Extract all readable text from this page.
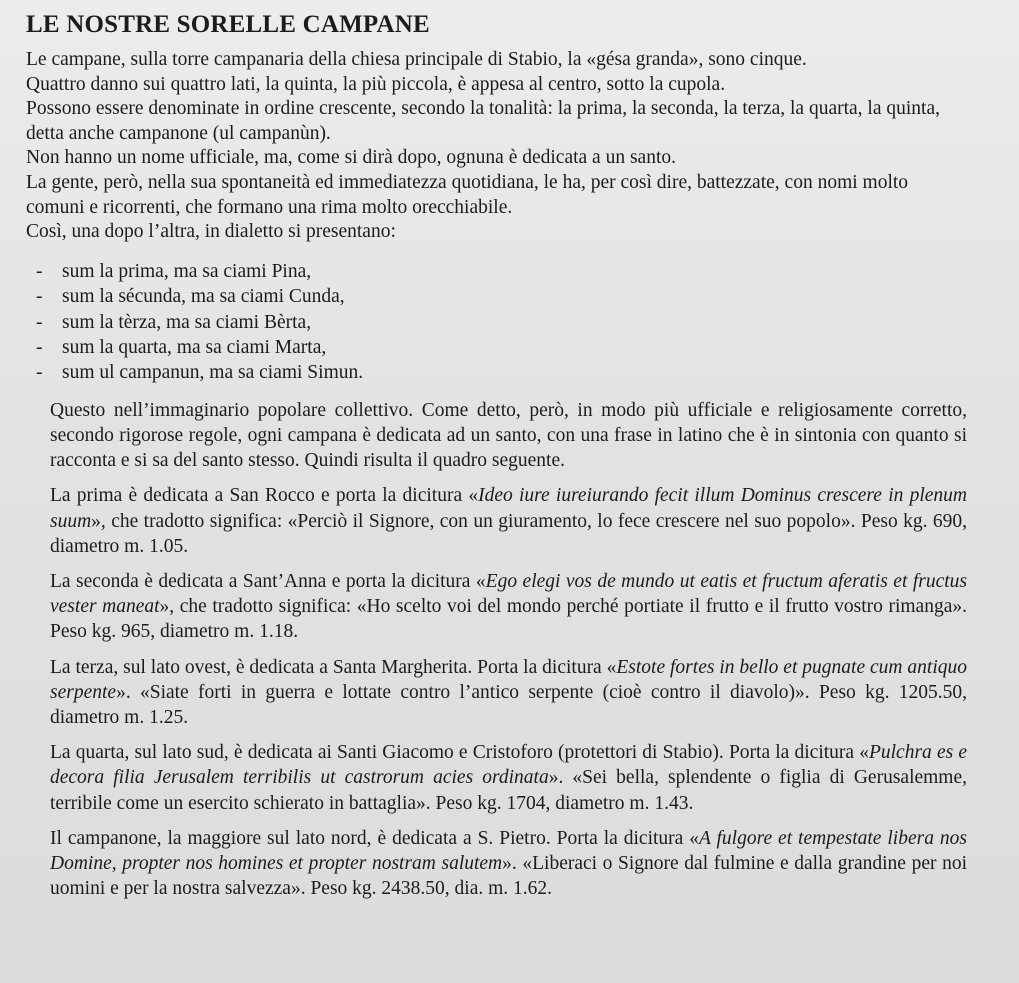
LE NOSTRE SORELLE CAMPANE

Le campane, sulla torre campanaria della chiesa principale di Stabio, la «gésa granda», sono cinque.

Quattro danno sui quattro lati, la quinta, la più piccola, è appesa al centro, sotto la cupola.

Possono essere denominate in ordine crescente, secondo la tonalità: la prima, la seconda, la terza, la quarta, la quinta, detta anche campanone (ul campanùn).

Non hanno un nome ufficiale, ma, come si dirà dopo, ognuna è dedicata a un santo.

La gente, però, nella sua spontaneità ed immediatezza quotidiana, le ha, per così dire, battezzate, con nomi molto comuni e ricorrenti, che formano una rima molto orecchiabile.

Così, una dopo l’altra, in dialetto si presentano:

- sum la prima, ma sa ciami Pina,
- sum la sécunda, ma sa ciami Cunda,
- sum la tèrza, ma sa ciami Bèrta,
- sum la quarta, ma sa ciami Marta,
- sum ul campanun, ma sa ciami Simun.

Questo nell’immaginario popolare collettivo. Come detto, però, in modo più ufficiale e religiosamente corretto, secondo rigorose regole, ogni campana è dedicata ad un santo, con una frase in latino che è in sintonia con quanto si racconta e si sa del santo stesso. Quindi risulta il quadro seguente.

La prima è dedicata a San Rocco e porta la dicitura «Ideo iure iureiurando fecit illum Dominus crescere in plenum suum», che tradotto significa: «Perciò il Signore, con un giuramento, lo fece crescere nel suo popolo». Peso kg. 690, diametro m. 1.05.

La seconda è dedicata a Sant’Anna e porta la dicitura «Ego elegi vos de mundo ut eatis et fructum aferatis et fructus vester maneat», che tradotto significa: «Ho scelto voi del mondo perché portiate il frutto e il frutto vostro rimanga». Peso kg. 965, diametro m. 1.18.

La terza, sul lato ovest, è dedicata a Santa Margherita. Porta la dicitura «Estote fortes in bello et pugnate cum antiquo serpente». «Siate forti in guerra e lottate contro l’antico serpente (cioè contro il diavolo)». Peso kg. 1205.50, diametro m. 1.25.

La quarta, sul lato sud, è dedicata ai Santi Giacomo e Cristoforo (protettori di Stabio). Porta la dicitura «Pulchra es e decora filia Jerusalem terribilis ut castrorum acies ordinata». «Sei bella, splendente o figlia di Gerusalemme, terribile come un esercito schierato in battaglia». Peso kg. 1704, diametro m. 1.43.

Il campanone, la maggiore sul lato nord, è dedicata a S. Pietro. Porta la dicitura «A fulgore et tempestate libera nos Domine, propter nos homines et propter nostram salutem». «Liberaci o Signore dal fulmine e dalla grandine per noi uomini e per la nostra salvezza». Peso kg. 2438.50, dia. m. 1.62.
